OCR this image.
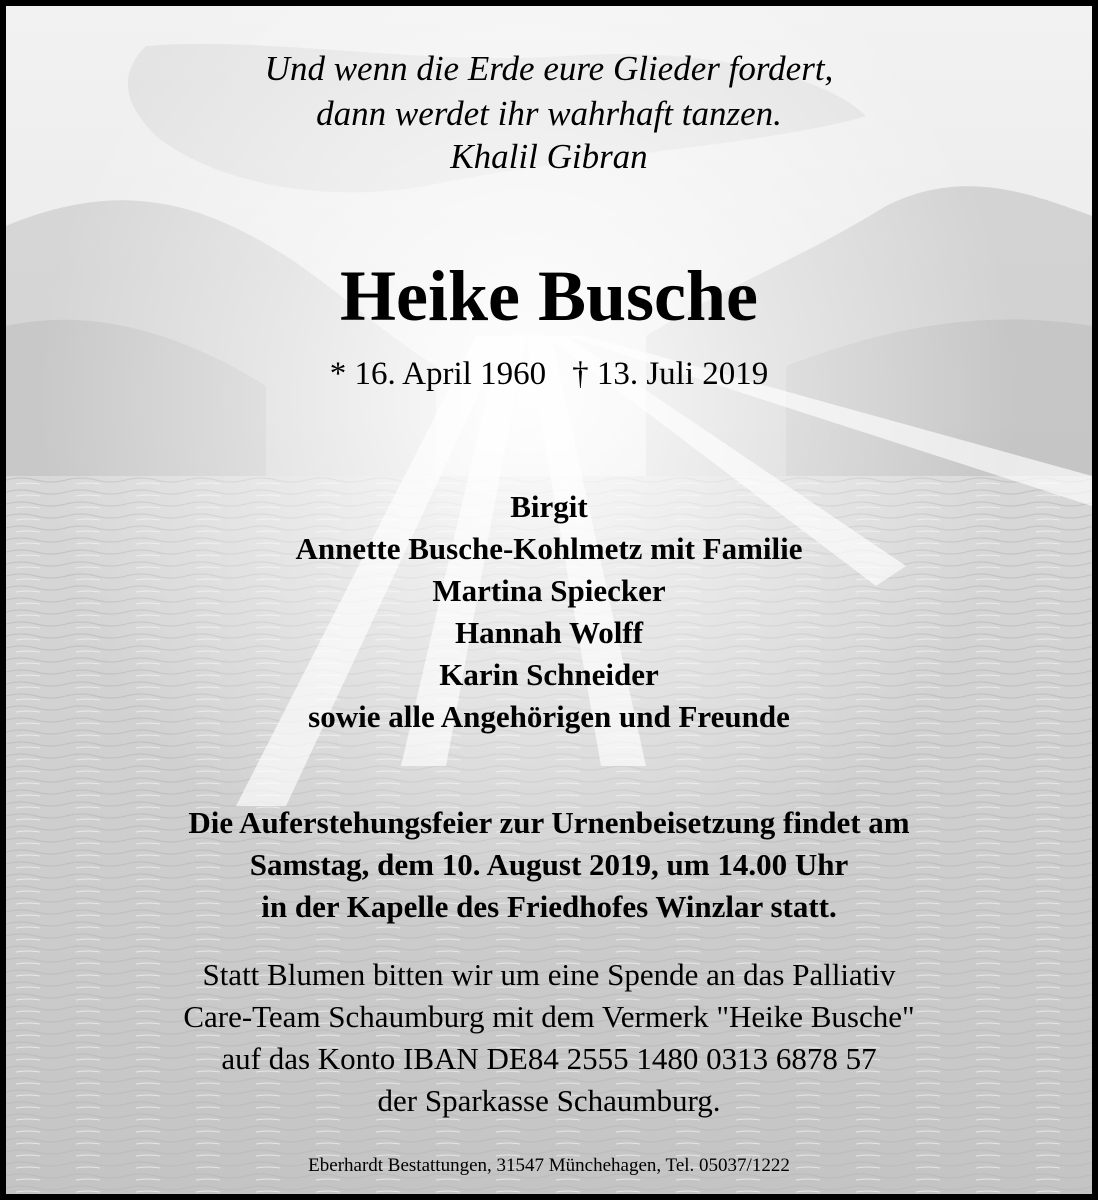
Und wenn die Erde eure Glieder fordert,
dann werdet ihr wahrhaft tanzen.
Khalil Gibran
Heike Busche
* 16. April 1960 † 13. Juli 2019
Birgit
Annette Busche-Kohlmetz mit Familie
Martina Spiecker
Hannah Wolff
Karin Schneider
sowie alle Angehörigen und Freunde
Die Auferstehungsfeier zur Urnenbeisetzung findet am
Samstag, dem 10. August 2019, um 14.00 Uhr
in der Kapelle des Friedhofes Winzlar statt.
Statt Blumen bitten wir um eine Spende an das Palliativ
Care-Team Schaumburg mit dem Vermerk "Heike Busche"
auf das Konto IBAN DE84 2555 1480 0313 6878 57
der Sparkasse Schaumburg.
Eberhardt Bestattungen, 31547 Münchehagen, Tel. 05037/1222
